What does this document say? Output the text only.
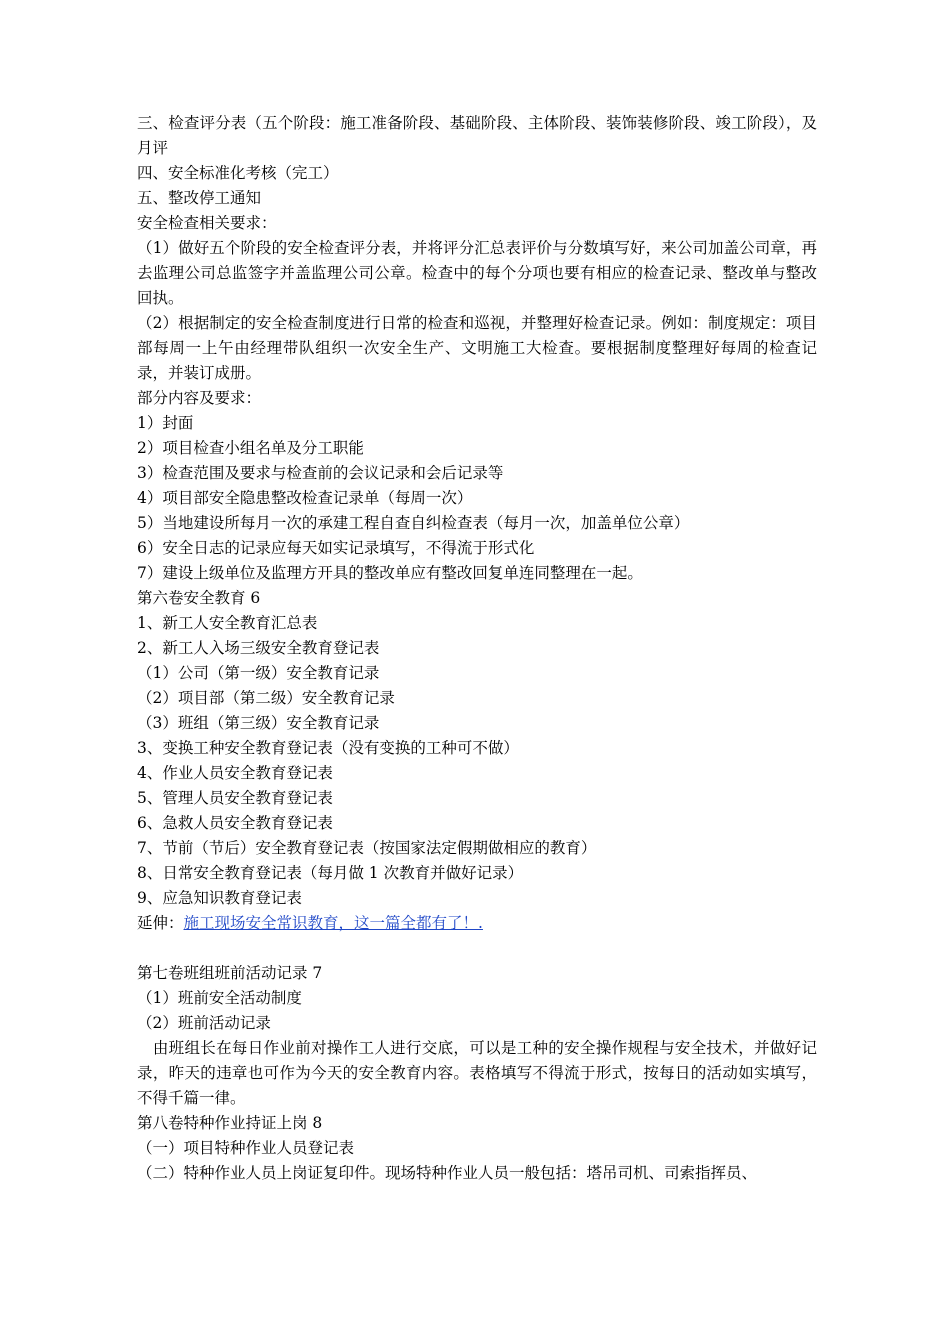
三、检查评分表（五个阶段：施工准备阶段、基础阶段、主体阶段、装饰装修阶段、竣工阶段），及月评
四、安全标准化考核（完工）
五、整改停工通知
安全检查相关要求：
（1）做好五个阶段的安全检查评分表，并将评分汇总表评价与分数填写好，来公司加盖公司章，再去监理公司总监签字并盖监理公司公章。检查中的每个分项也要有相应的检查记录、整改单与整改回执。
（2）根据制定的安全检查制度进行日常的检查和巡视，并整理好检查记录。例如：制度规定：项目部每周一上午由经理带队组织一次安全生产、文明施工大检查。要根据制度整理好每周的检查记录，并装订成册。
部分内容及要求：
1）封面
2）项目检查小组名单及分工职能
3）检查范围及要求与检查前的会议记录和会后记录等
4）项目部安全隐患整改检查记录单（每周一次）
5）当地建设所每月一次的承建工程自查自纠检查表（每月一次，加盖单位公章）
6）安全日志的记录应每天如实记录填写，不得流于形式化
7）建设上级单位及监理方开具的整改单应有整改回复单连同整理在一起。
第六卷安全教育 6
1、新工人安全教育汇总表
2、新工人入场三级安全教育登记表
（1）公司（第一级）安全教育记录
（2）项目部（第二级）安全教育记录
（3）班组（第三级）安全教育记录
3、变换工种安全教育登记表（没有变换的工种可不做）
4、作业人员安全教育登记表
5、管理人员安全教育登记表
6、急救人员安全教育登记表
7、节前（节后）安全教育登记表（按国家法定假期做相应的教育）
8、日常安全教育登记表（每月做 1 次教育并做好记录）
9、应急知识教育登记表
延伸：施工现场安全常识教育，这一篇全都有了！.
第七卷班组班前活动记录 7
（1）班前安全活动制度
（2）班前活动记录
　由班组长在每日作业前对操作工人进行交底，可以是工种的安全操作规程与安全技术，并做好记录，昨天的违章也可作为今天的安全教育内容。表格填写不得流于形式，按每日的活动如实填写，不得千篇一律。
第八卷特种作业持证上岗 8
（一）项目特种作业人员登记表
（二）特种作业人员上岗证复印件。现场特种作业人员一般包括：塔吊司机、司索指挥员、
